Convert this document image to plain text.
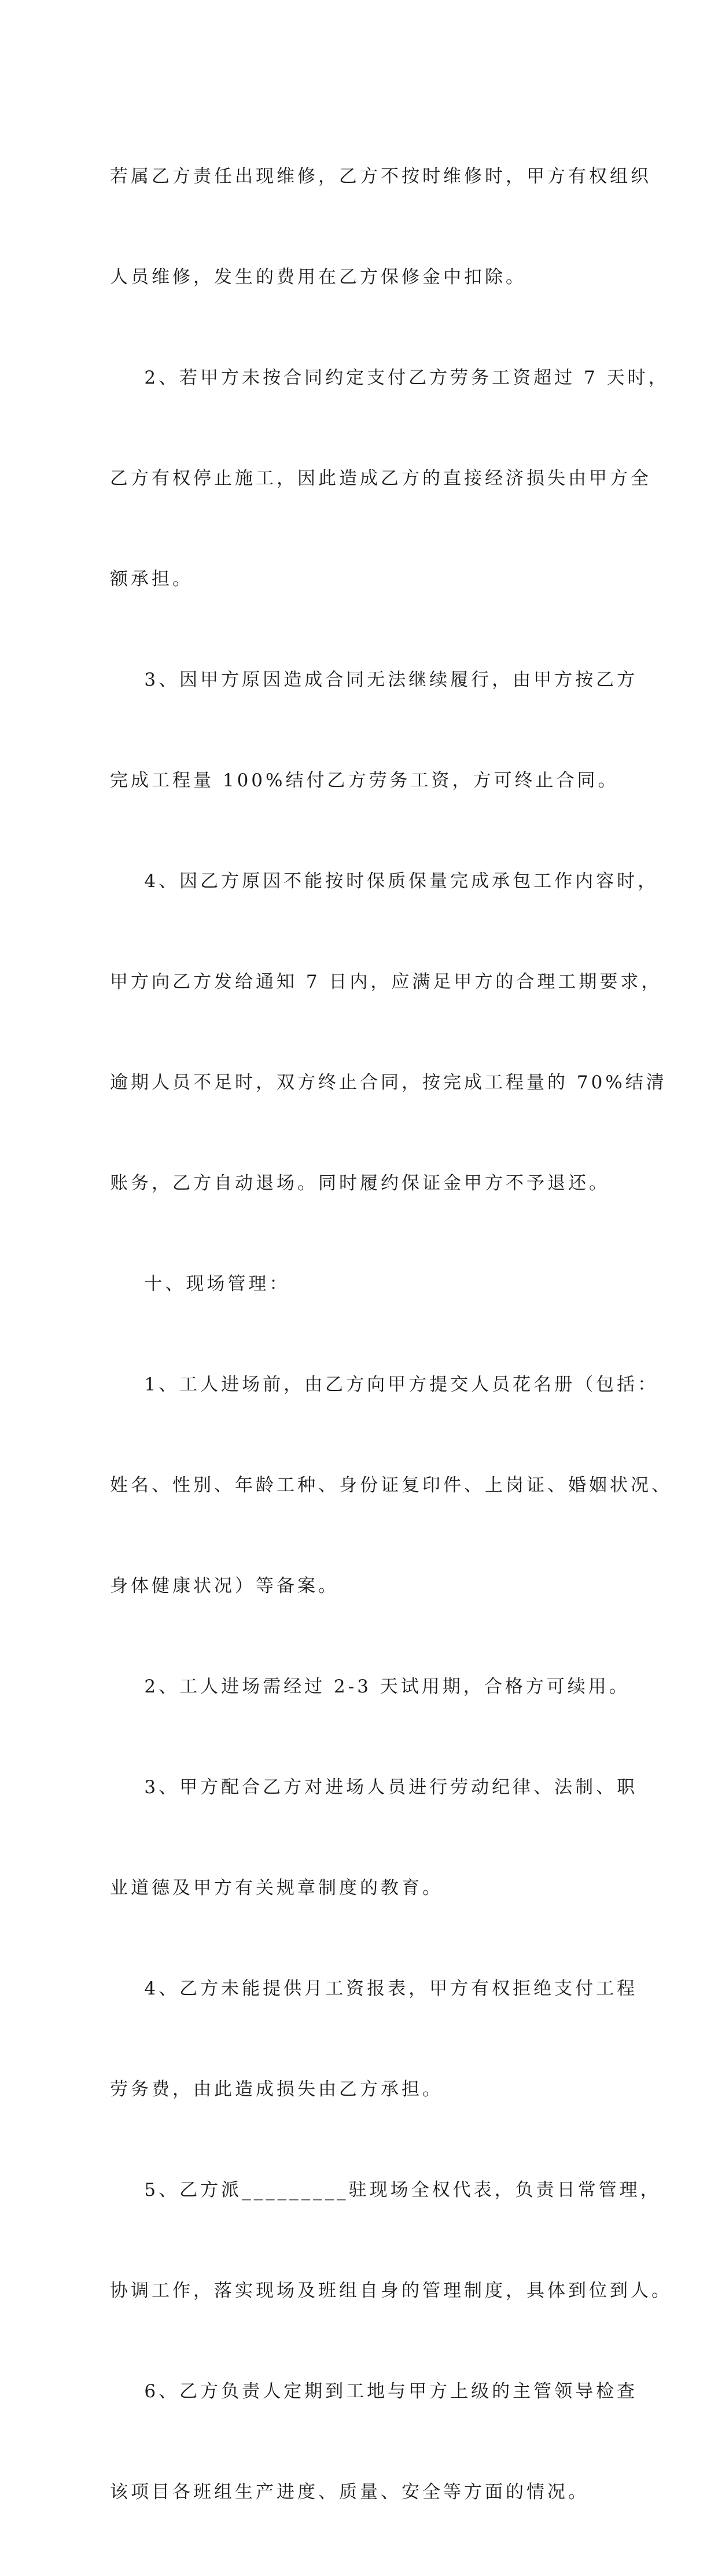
若属乙方责任出现维修，乙方不按时维修时，甲方有权组织

人员维修，发生的费用在乙方保修金中扣除。

2、若甲方未按合同约定支付乙方劳务工资超过 7 天时，

乙方有权停止施工，因此造成乙方的直接经济损失由甲方全

额承担。

3、因甲方原因造成合同无法继续履行，由甲方按乙方

完成工程量 100%结付乙方劳务工资，方可终止合同。

4、因乙方原因不能按时保质保量完成承包工作内容时，

甲方向乙方发给通知 7 日内，应满足甲方的合理工期要求，

逾期人员不足时，双方终止合同，按完成工程量的 70%结清

账务，乙方自动退场。同时履约保证金甲方不予退还。

十、现场管理：

1、工人进场前，由乙方向甲方提交人员花名册（包括：

姓名、性别、年龄工种、身份证复印件、上岗证、婚姻状况、

身体健康状况）等备案。

2、工人进场需经过 2-3 天试用期，合格方可续用。

3、甲方配合乙方对进场人员进行劳动纪律、法制、职

业道德及甲方有关规章制度的教育。

4、乙方未能提供月工资报表，甲方有权拒绝支付工程

劳务费，由此造成损失由乙方承担。

5、乙方派_________驻现场全权代表，负责日常管理，

协调工作，落实现场及班组自身的管理制度，具体到位到人。

6、乙方负责人定期到工地与甲方上级的主管领导检查

该项目各班组生产进度、质量、安全等方面的情况。
